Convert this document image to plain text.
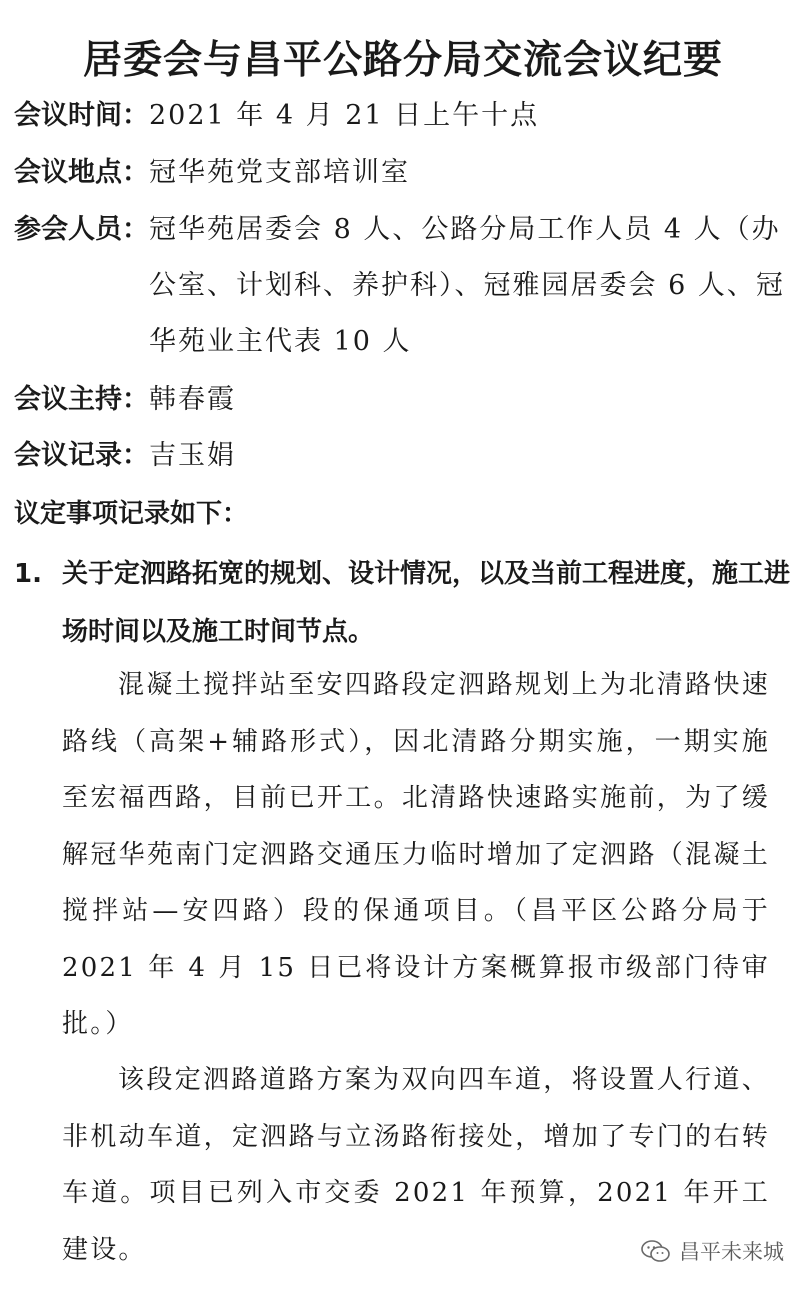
居委会与昌平公路分局交流会议纪要
会议时间： 2021 年 4 月 21 日上午十点
会议地点： 冠华苑党支部培训室
参会人员： 冠华苑居委会 8 人、公路分局工作人员 4 人（办公室、计划科、养护科）、冠雅园居委会 6 人、冠华苑业主代表 10 人
会议主持： 韩春霞
会议记录： 吉玉娟
议定事项记录如下：
1. 关于定泗路拓宽的规划、设计情况，以及当前工程进度，施工进场时间以及施工时间节点。
混凝土搅拌站至安四路段定泗路规划上为北清路快速路线（高架+辅路形式），因北清路分期实施，一期实施至宏福西路，目前已开工。北清路快速路实施前，为了缓解冠华苑南门定泗路交通压力临时增加了定泗路（混凝土搅拌站—安四路）段的保通项目。（昌平区公路分局于 2021 年 4 月 15 日已将设计方案概算报市级部门待审批。）
该段定泗路道路方案为双向四车道，将设置人行道、非机动车道，定泗路与立汤路衔接处，增加了专门的右转车道。项目已列入市交委 2021 年预算，2021 年开工建设。	昌平未来城
